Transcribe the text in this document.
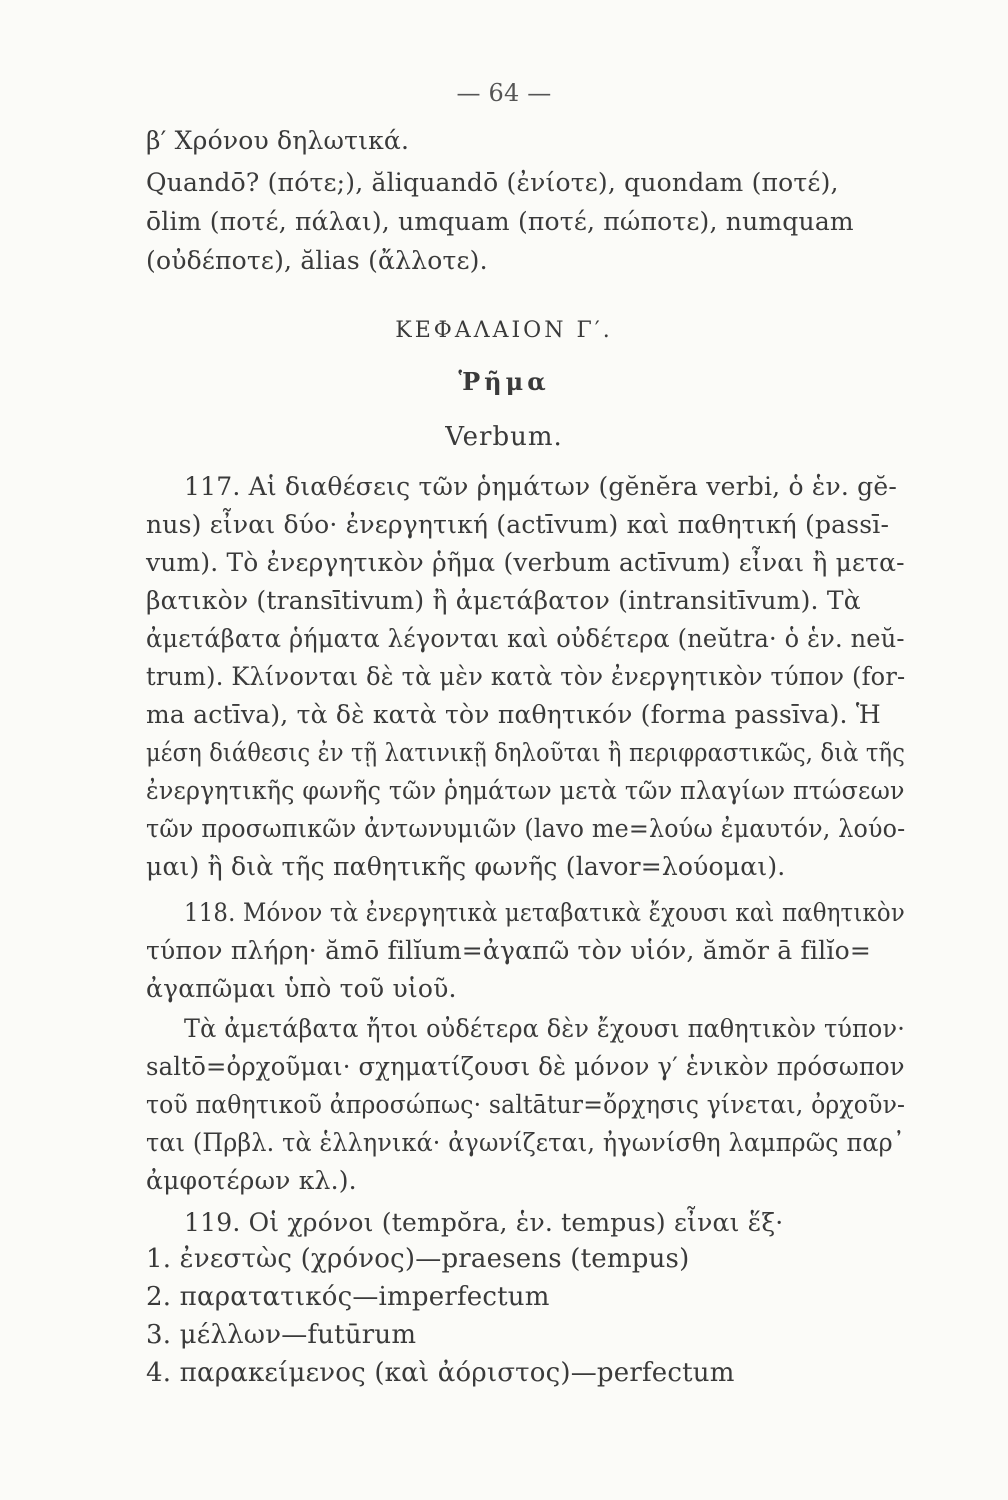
— 64 —
β′ Χρόνου δηλωτικά.
Quandō? (πότε;), ăliquandō (ἐνίοτε), quondam (ποτέ),
ōlim (ποτέ, πάλαι), umquam (ποτέ, πώποτε), numquam
(οὐδέποτε), ălias (ἄλλοτε).
ΚΕΦΑΛΑΙΟΝ Γ′.
Ῥῆμα
Verbum.
117. Αἱ διαθέσεις τῶν ῥημάτων (gĕnĕra verbi, ὁ ἑν. gĕ-
nus) εἶναι δύο· ἐνεργητική (actīvum) καὶ παθητική (passī-
vum). Τὸ ἐνεργητικὸν ῥῆμα (verbum actīvum) εἶναι ἢ μετα-
βατικὸν (transītivum) ἢ ἀμετάβατον (intransitīvum). Τὰ
ἀμετάβατα ῥήματα λέγονται καὶ οὐδέτερα (neŭtra· ὁ ἑν. neŭ-
trum). Κλίνονται δὲ τὰ μὲν κατὰ τὸν ἐνεργητικὸν τύπον (for-
ma actīva), τὰ δὲ κατὰ τὸν παθητικόν (forma passīva). Ἡ
μέση διάθεσις ἐν τῇ λατινικῇ δηλοῦται ἢ περιφραστικῶς, διὰ τῆς
ἐνεργητικῆς φωνῆς τῶν ῥημάτων μετὰ τῶν πλαγίων πτώσεων
τῶν προσωπικῶν ἀντωνυμιῶν (lavo me=λούω ἐμαυτόν, λούο-
μαι) ἢ διὰ τῆς παθητικῆς φωνῆς (lavor=λούομαι).
118. Μόνον τὰ ἐνεργητικὰ μεταβατικὰ ἔχουσι καὶ παθητικὸν
τύπον πλήρη· ămō filĭum=ἀγαπῶ τὸν υἱόν, ămŏr ā filĭo=
ἀγαπῶμαι ὑπὸ τοῦ υἱοῦ.
Τὰ ἀμετάβατα ἤτοι οὐδέτερα δὲν ἔχουσι παθητικὸν τύπον·
saltō=ὀρχοῦμαι· σχηματίζουσι δὲ μόνον γ′ ἑνικὸν πρόσωπον
τοῦ παθητικοῦ ἀπροσώπως· saltātur=ὄρχησις γίνεται, ὀρχοῦν-
ται (Πρβλ. τὰ ἑλληνικά· ἀγωνίζεται, ἠγωνίσθη λαμπρῶς παρ᾽
ἀμφοτέρων κλ.).
119. Οἱ χρόνοι (tempŏra, ἑν. tempus) εἶναι ἕξ·
1. ἐνεστὼς (χρόνος)—praesens (tempus)
2. παρατατικός—imperfectum
3. μέλλων—futūrum
4. παρακείμενος (καὶ ἀόριστος)—perfectum
